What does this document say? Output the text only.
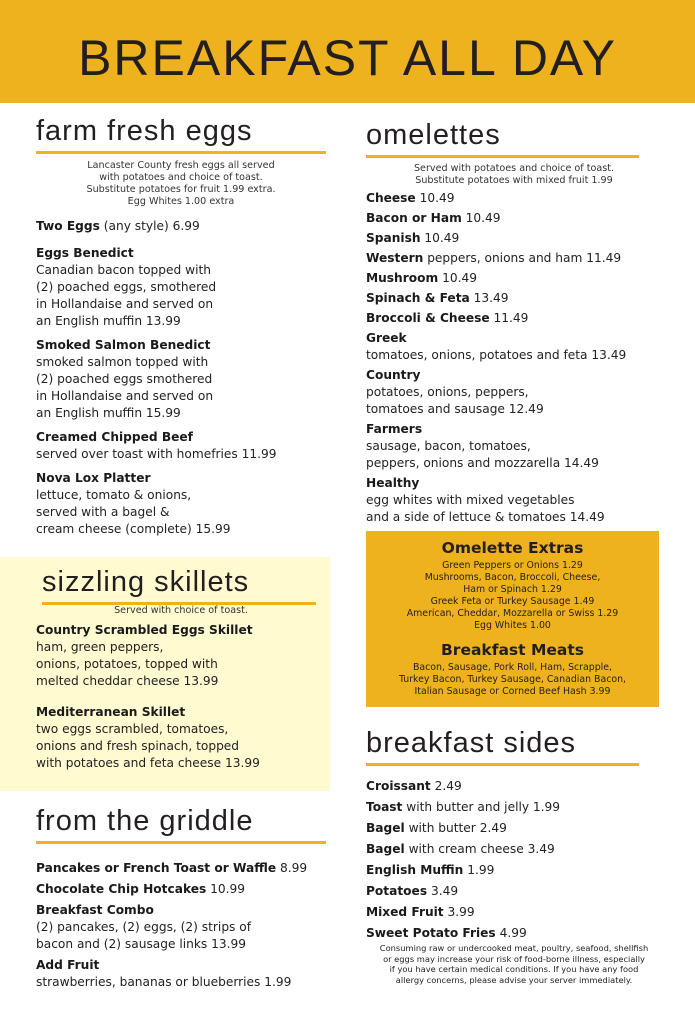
BREAKFAST ALL DAY
farm fresh eggs
Lancaster County fresh eggs all served
with potatoes and choice of toast.
Substitute potatoes for fruit 1.99 extra.
Egg Whites 1.00 extra
Two Eggs (any style) 6.99
Eggs Benedict
Canadian bacon topped with
(2) poached eggs, smothered
in Hollandaise and served on
an English muffin 13.99
Smoked Salmon Benedict
smoked salmon topped with
(2) poached eggs smothered
in Hollandaise and served on
an English muffin 15.99
Creamed Chipped Beef
served over toast with homefries 11.99
Nova Lox Platter
lettuce, tomato & onions,
served with a bagel &
cream cheese (complete) 15.99
sizzling skillets
Served with choice of toast.
Country Scrambled Eggs Skillet
ham, green peppers,
onions, potatoes, topped with
melted cheddar cheese 13.99
Mediterranean Skillet
two eggs scrambled, tomatoes,
onions and fresh spinach, topped
with potatoes and feta cheese 13.99
from the griddle
Pancakes or French Toast or Waffle 8.99
Chocolate Chip Hotcakes 10.99
Breakfast Combo
(2) pancakes, (2) eggs, (2) strips of
bacon and (2) sausage links 13.99
Add Fruit
strawberries, bananas or blueberries 1.99
omelettes
Served with potatoes and choice of toast.
Substitute potatoes with mixed fruit 1.99
Cheese 10.49
Bacon or Ham 10.49
Spanish 10.49
Western peppers, onions and ham 11.49
Mushroom 10.49
Spinach & Feta 13.49
Broccoli & Cheese 11.49
Greek
tomatoes, onions, potatoes and feta 13.49
Country
potatoes, onions, peppers,
tomatoes and sausage 12.49
Farmers
sausage, bacon, tomatoes,
peppers, onions and mozzarella 14.49
Healthy
egg whites with mixed vegetables
and a side of lettuce & tomatoes 14.49
Omelette Extras
Green Peppers or Onions 1.29
Mushrooms, Bacon, Broccoli, Cheese,
Ham or Spinach 1.29
Greek Feta or Turkey Sausage 1.49
American, Cheddar, Mozzarella or Swiss 1.29
Egg Whites 1.00
Breakfast Meats
Bacon, Sausage, Pork Roll, Ham, Scrapple,
Turkey Bacon, Turkey Sausage, Canadian Bacon,
Italian Sausage or Corned Beef Hash 3.99
breakfast sides
Croissant 2.49
Toast with butter and jelly 1.99
Bagel with butter 2.49
Bagel with cream cheese 3.49
English Muffin 1.99
Potatoes 3.49
Mixed Fruit 3.99
Sweet Potato Fries 4.99
Consuming raw or undercooked meat, poultry, seafood, shellfish
or eggs may increase your risk of food-borne illness, especially
if you have certain medical conditions. If you have any food
allergy concerns, please advise your server immediately.
